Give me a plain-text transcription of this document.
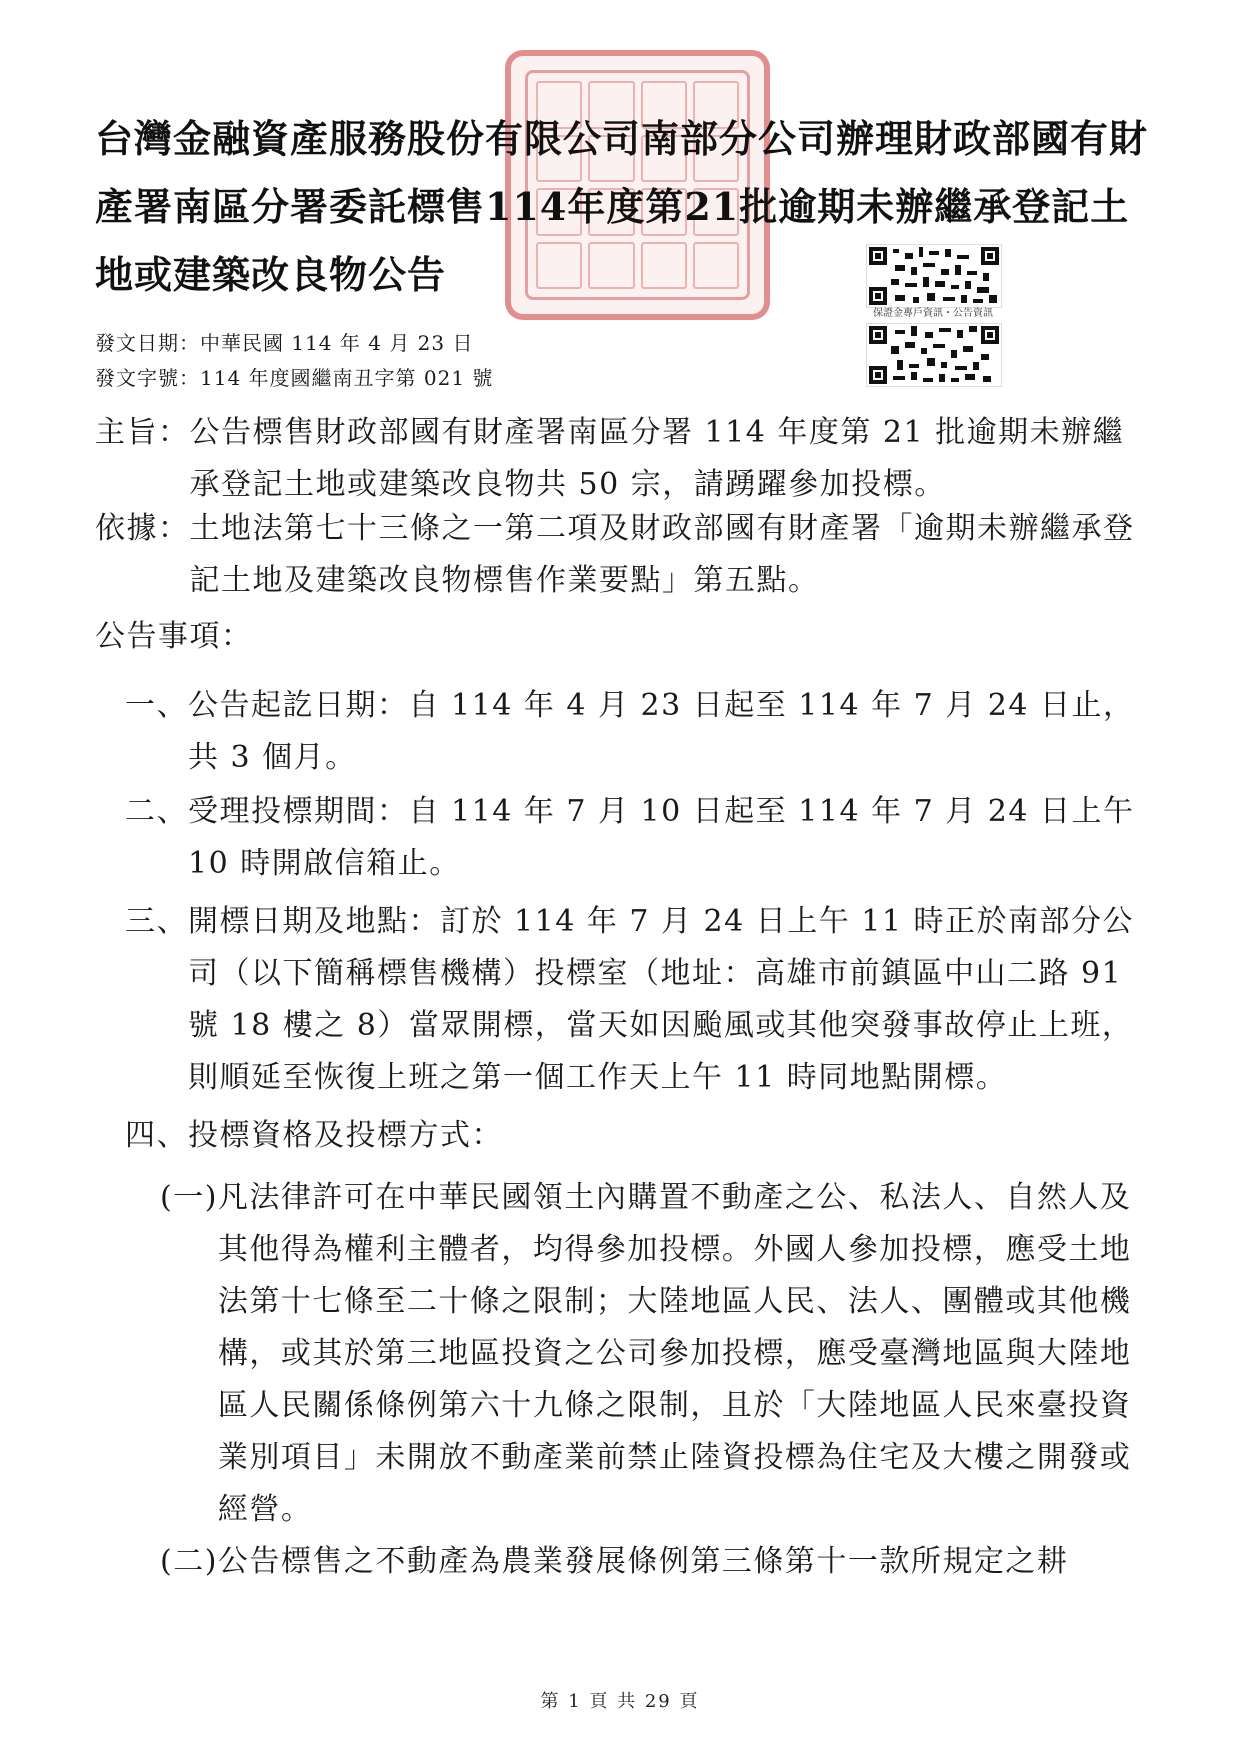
台灣金融資產服務股份有限公司南部分公司辦理財政部國有財產署南區分署委託標售114年度第21批逾期未辦繼承登記土地或建築改良物公告
保證金專戶資訊・公告資訊
發文日期：中華民國 114 年 4 月 23 日
發文字號：114 年度國繼南丑字第 021 號
主旨： 公告標售財政部國有財產署南區分署 114 年度第 21 批逾期未辦繼承登記土地或建築改良物共 50 宗，請踴躍參加投標。
依據： 土地法第七十三條之一第二項及財政部國有財產署「逾期未辦繼承登記土地及建築改良物標售作業要點」第五點。
公告事項：
一、 公告起訖日期：自 114 年 4 月 23 日起至 114 年 7 月 24 日止，共 3 個月。
二、 受理投標期間：自 114 年 7 月 10 日起至 114 年 7 月 24 日上午 10 時開啟信箱止。
三、 開標日期及地點：訂於 114 年 7 月 24 日上午 11 時正於南部分公司（以下簡稱標售機構）投標室（地址：高雄市前鎮區中山二路 91 號 18 樓之 8）當眾開標，當天如因颱風或其他突發事故停止上班，則順延至恢復上班之第一個工作天上午 11 時同地點開標。
四、 投標資格及投標方式：
(一) 凡法律許可在中華民國領土內購置不動產之公、私法人、自然人及其他得為權利主體者，均得參加投標。外國人參加投標，應受土地法第十七條至二十條之限制；大陸地區人民、法人、團體或其他機構，或其於第三地區投資之公司參加投標，應受臺灣地區與大陸地區人民關係條例第六十九條之限制，且於「大陸地區人民來臺投資業別項目」未開放不動產業前禁止陸資投標為住宅及大樓之開發或經營。
(二) 公告標售之不動產為農業發展條例第三條第十一款所規定之耕
第 1 頁 共 29 頁
